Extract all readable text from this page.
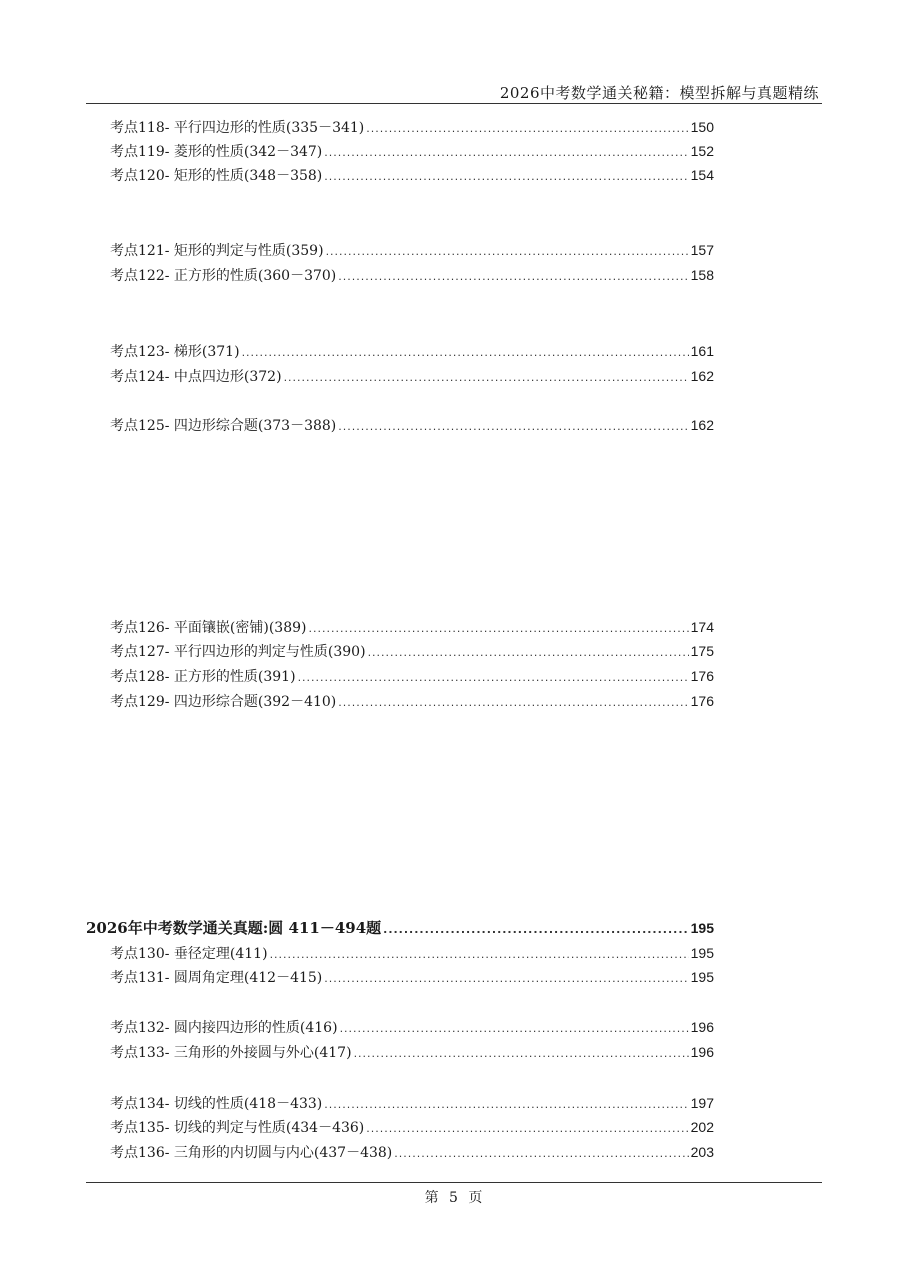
2026中考数学通关秘籍：模型拆解与真题精练
考点118- 平行四边形的性质(335－341) .....	150
考点119- 菱形的性质(342－347) .....	152
考点120- 矩形的性质(348－358) .....	154
考点121- 矩形的判定与性质(359) .....	157
考点122- 正方形的性质(360－370) .....	158
考点123- 梯形(371) .....	161
考点124- 中点四边形(372) .....	162
考点125- 四边形综合题(373－388) .....	162
考点126- 平面镶嵌(密铺)(389) .....	174
考点127- 平行四边形的判定与性质(390) .....	175
考点128- 正方形的性质(391) .....	176
考点129- 四边形综合题(392－410) .....	176
2026年中考数学通关真题:圆 411－494题 .....	195
考点130- 垂径定理(411) .....	195
考点131- 圆周角定理(412－415) .....	195
考点132- 圆内接四边形的性质(416) .....	196
考点133- 三角形的外接圆与外心(417) .....	196
考点134- 切线的性质(418－433) .....	197
考点135- 切线的判定与性质(434－436) .....	202
考点136- 三角形的内切圆与内心(437－438) .....	203
第 5 页
